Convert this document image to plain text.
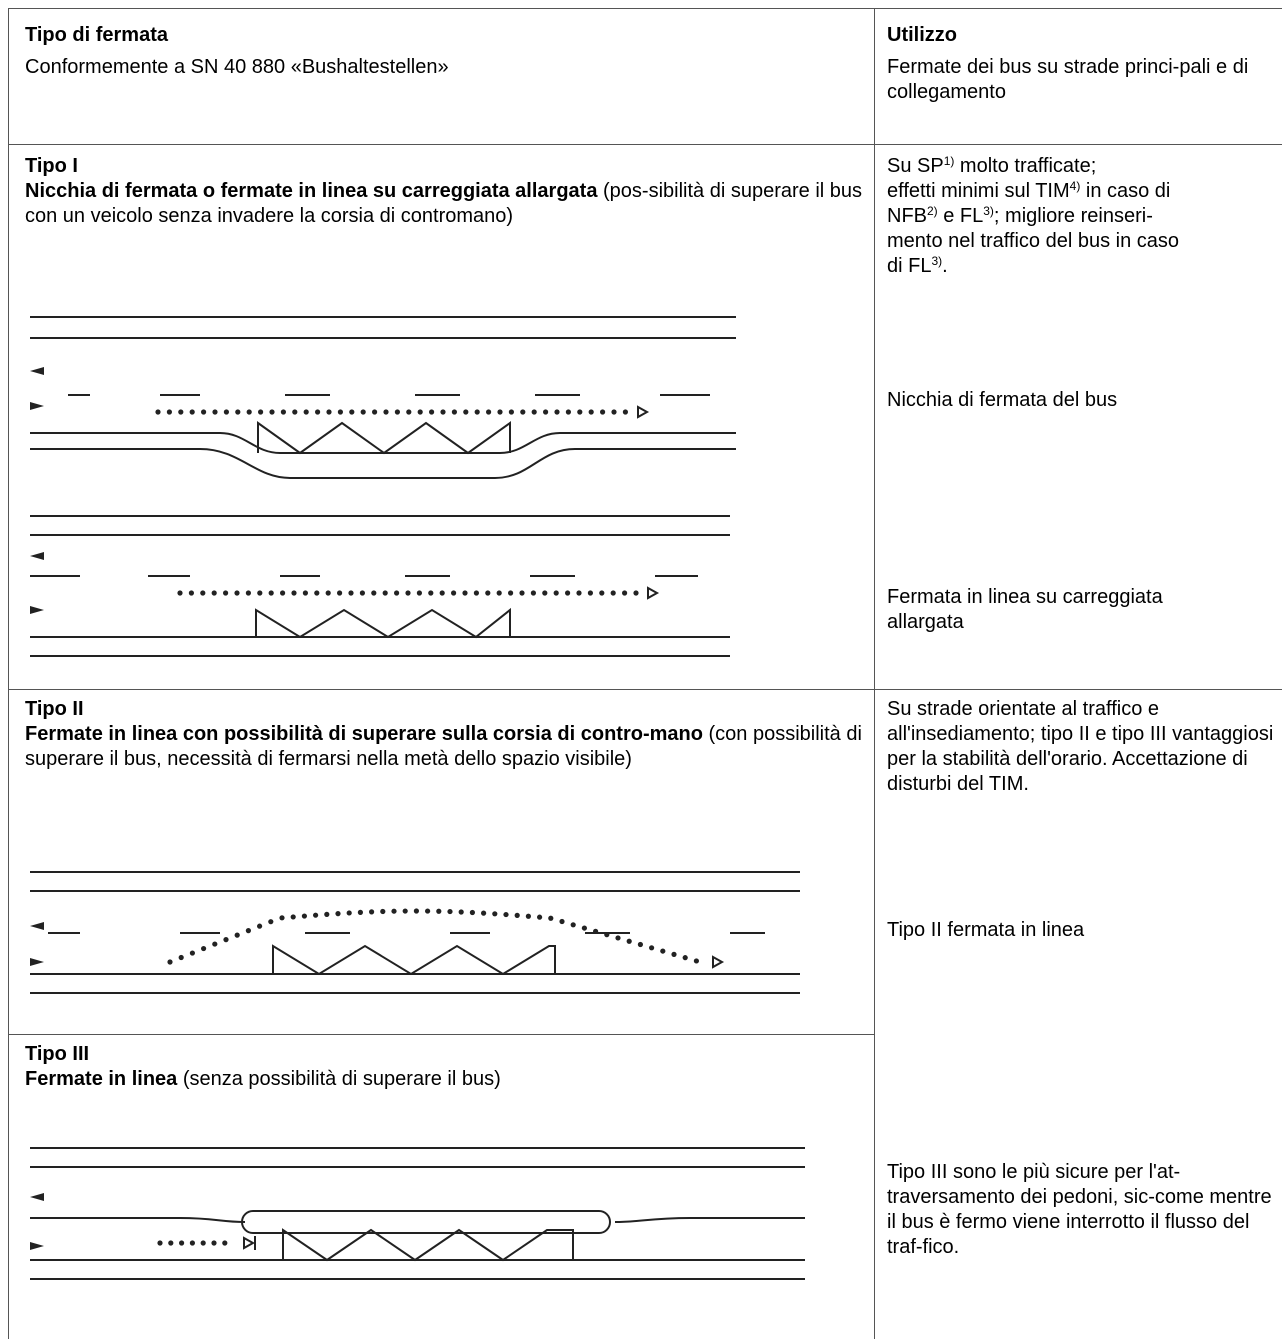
Tipo di fermata

Conformemente a SN 40 880 «Bushaltestellen»

Utilizzo

Fermate dei bus su strade princi-pali e di collegamento

Tipo I

Nicchia di fermata o fermate in linea su carreggiata allargata (pos-sibilità di superare il bus con un veicolo senza invadere la corsia di contromano)

Su SP$^{1)}$ molto trafficate;

effetti minimi sul TIM$^{4)}$ in caso di

NFB$^{2)}$ e FL$^{3)}$; migliore reinseri-

mento nel traffico del bus in caso

di FL$^{3)}$.

Nicchia di fermata del bus
Fermata in linea su carreggiata allargata

Tipo II

Fermate in linea con possibilità di superare sulla corsia di contro-mano (con possibilità di superare il bus, necessità di fermarsi nella metà dello spazio visibile)

Su strade orientate al traffico e all'insediamento; tipo II e tipo III vantaggiosi per la stabilità dell'orario. Accettazione di disturbi del TIM.
Tipo II fermata in linea

Tipo III

Fermate in linea (senza possibilità di superare il bus)

Tipo III sono le più sicure per l'at-traversamento dei pedoni, sic-come mentre il bus è fermo viene interrotto il flusso del traf-fico.
